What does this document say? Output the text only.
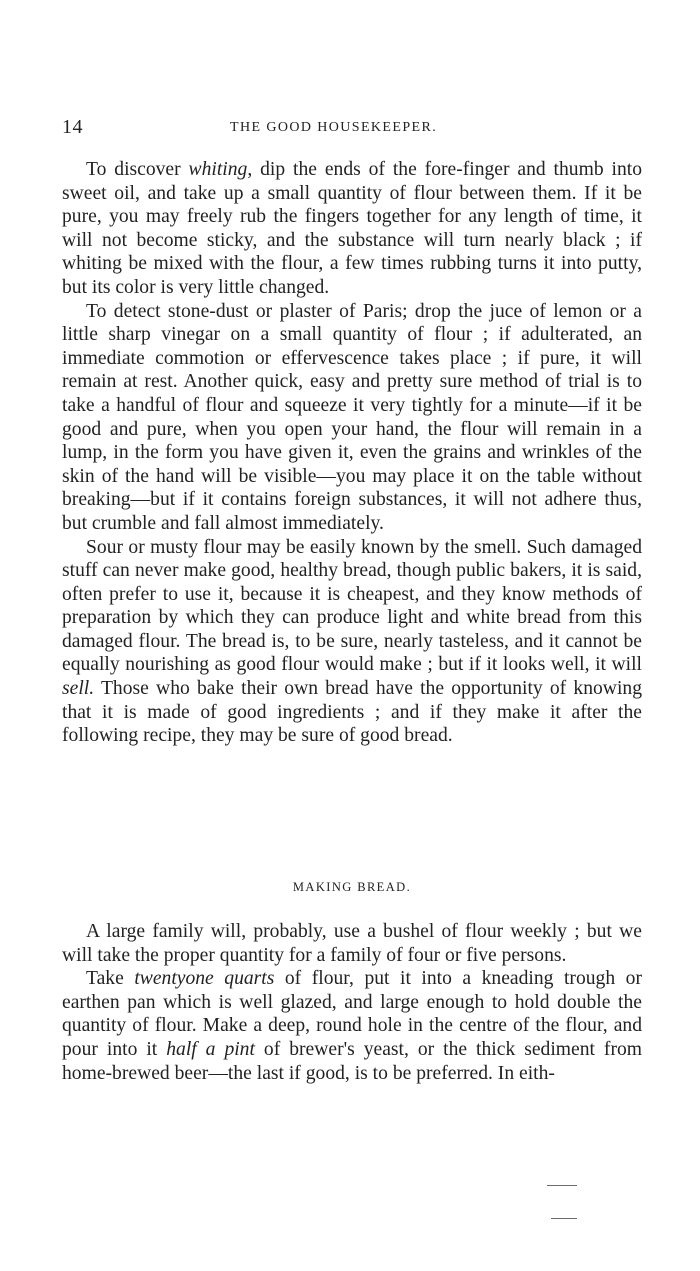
14	THE GOOD HOUSEKEEPER.

To discover whiting, dip the ends of the fore-finger and thumb into sweet oil, and take up a small quantity of flour between them. If it be pure, you may freely rub the fingers together for any length of time, it will not become sticky, and the substance will turn nearly black ; if whiting be mixed with the flour, a few times rubbing turns it into putty, but its color is very little changed.

To detect stone-dust or plaster of Paris; drop the juce of lemon or a little sharp vinegar on a small quantity of flour ; if adulterated, an immediate commotion or effervescence takes place ; if pure, it will remain at rest. Another quick, easy and pretty sure method of trial is to take a handful of flour and squeeze it very tightly for a minute—if it be good and pure, when you open your hand, the flour will remain in a lump, in the form you have given it, even the grains and wrinkles of the skin of the hand will be visible—you may place it on the table without breaking—but if it contains foreign substances, it will not adhere thus, but crumble and fall almost immediately.

Sour or musty flour may be easily known by the smell. Such damaged stuff can never make good, healthy bread, though public bakers, it is said, often prefer to use it, because it is cheapest, and they know methods of preparation by which they can produce light and white bread from this damaged flour. The bread is, to be sure, nearly tasteless, and it cannot be equally nourishing as good flour would make ; but if it looks well, it will sell. Those who bake their own bread have the opportunity of knowing that it is made of good ingredients ; and if they make it after the following recipe, they may be sure of good bread.

MAKING BREAD.

A large family will, probably, use a bushel of flour weekly ; but we will take the proper quantity for a family of four or five persons.

Take twentyone quarts of flour, put it into a kneading trough or earthen pan which is well glazed, and large enough to hold double the quantity of flour. Make a deep, round hole in the centre of the flour, and pour into it half a pint of brewer's yeast, or the thick sediment from home-brewed beer—the last if good, is to be preferred. In eith-
